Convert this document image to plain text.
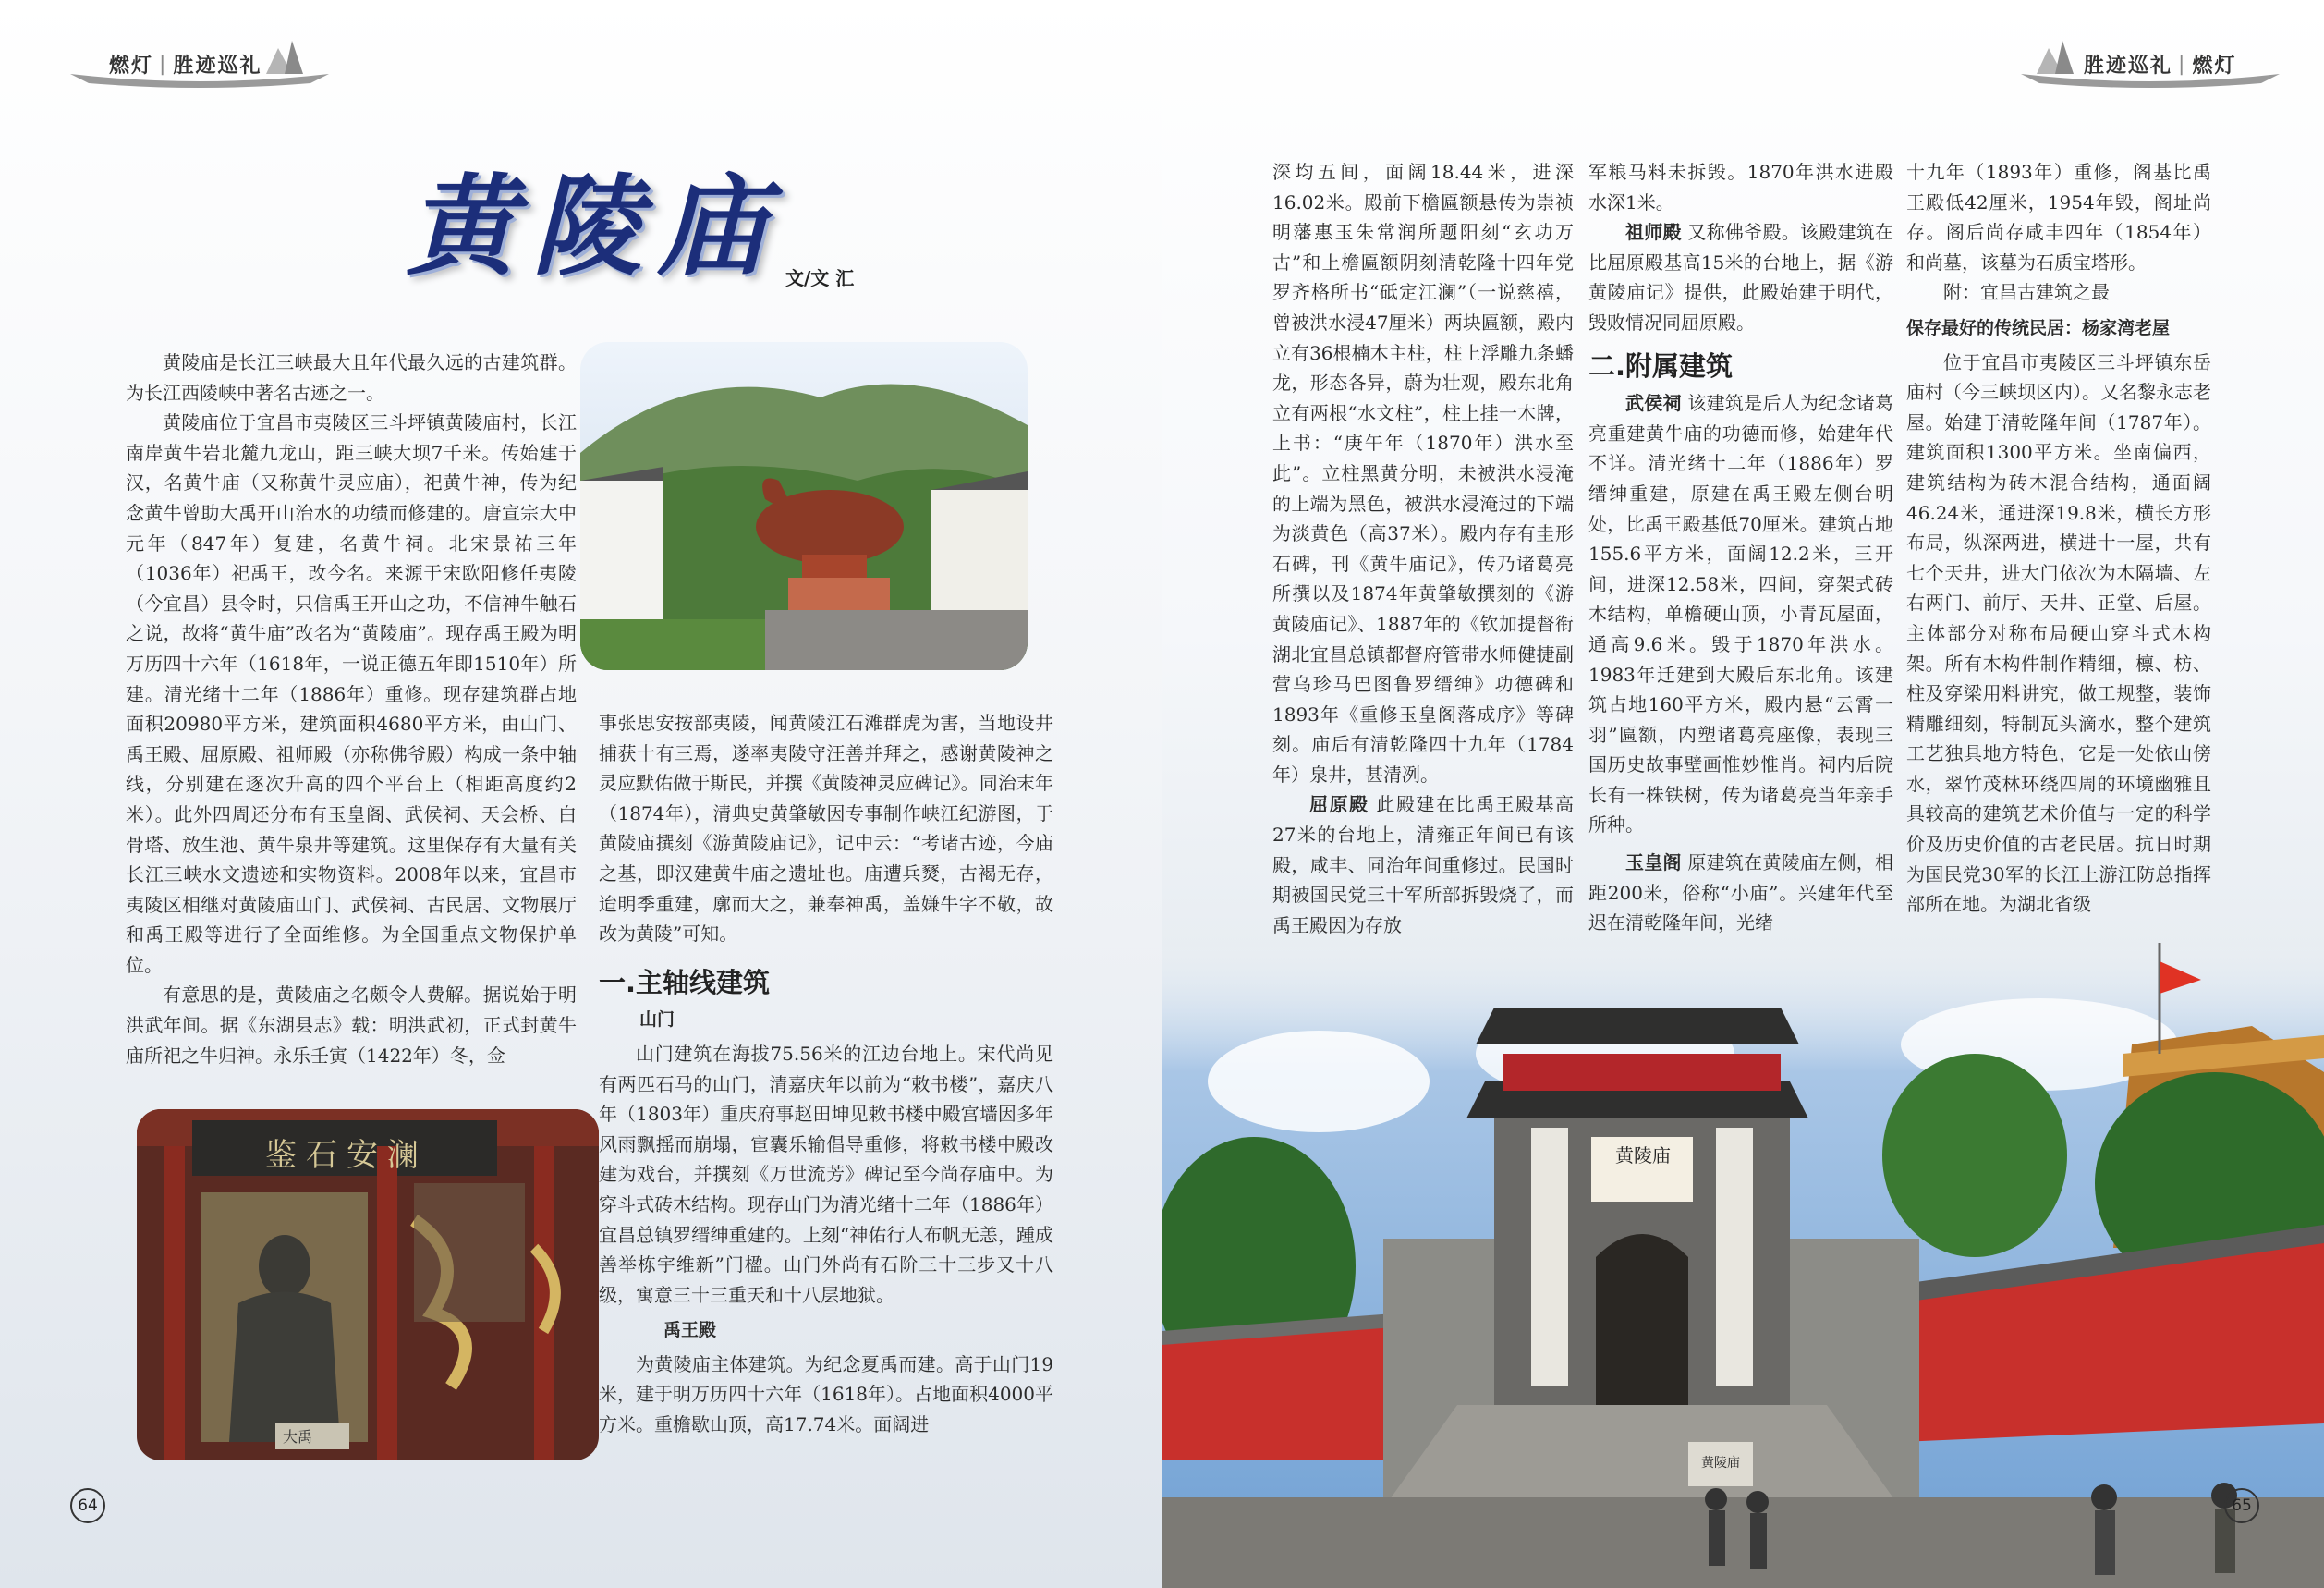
燃灯 | 胜迹巡礼
黄陵庙 文/文 汇

黄陵庙是长江三峡最大且年代最久远的古建筑群。为长江西陵峡中著名古迹之一。

黄陵庙位于宜昌市夷陵区三斗坪镇黄陵庙村，长江南岸黄牛岩北麓九龙山，距三峡大坝7千米。传始建于汉，名黄牛庙（又称黄牛灵应庙），祀黄牛神，传为纪念黄牛曾助大禹开山治水的功绩而修建的。唐宣宗大中元年（847年）复建，名黄牛祠。北宋景祐三年（1036年）祀禹王，改今名。来源于宋欧阳修任夷陵（今宜昌）县令时，只信禹王开山之功，不信神牛触石之说，故将“黄牛庙”改名为“黄陵庙”。现存禹王殿为明万历四十六年（1618年，一说正德五年即1510年）所建。清光绪十二年（1886年）重修。现存建筑群占地面积20980平方米，建筑面积4680平方米，由山门、禹王殿、屈原殿、祖师殿（亦称佛爷殿）构成一条中轴线，分别建在逐次升高的四个平台上（相距高度约2米）。此外四周还分布有玉皇阁、武侯祠、天会桥、白骨塔、放生池、黄牛泉井等建筑。这里保存有大量有关长江三峡水文遗迹和实物资料。2008年以来，宜昌市夷陵区相继对黄陵庙山门、武侯祠、古民居、文物展厅和禹王殿等进行了全面维修。为全国重点文物保护单位。

有意思的是，黄陵庙之名颇令人费解。据说始于明洪武年间。据《东湖县志》载：明洪武初，正式封黄牛庙所祀之牛归神。永乐壬寅（1422年）冬，佥

鉴石安澜
大禹

事张思安按部夷陵，闻黄陵江石滩群虎为害，当地设井捕获十有三焉，遂率夷陵守汪善并拜之，感谢黄陵神之灵应默佑做于斯民，并撰《黄陵神灵应碑记》。同治末年（1874年），清典史黄肇敏因专事制作峡江纪游图，于黄陵庙撰刻《游黄陵庙记》，记中云：“考诸古迹，今庙之基，即汉建黄牛庙之遗址也。庙遭兵燹，古褐无存，迨明季重建，廓而大之，兼奉神禹，盖嫌牛字不敬，故改为黄陵”可知。

一.主轴线建筑
山门

山门建筑在海拔75.56米的江边台地上。宋代尚见有两匹石马的山门，清嘉庆年以前为“敕书楼”，嘉庆八年（1803年）重庆府事赵田坤见敕书楼中殿宫墙因多年风雨飘摇而崩塌，宦囊乐输倡导重修，将敕书楼中殿改建为戏台，并撰刻《万世流芳》碑记至今尚存庙中。为穿斗式砖木结构。现存山门为清光绪十二年（1886年）宜昌总镇罗缙绅重建的。上刻“神佑行人布帆无恙，踵成善举栋宇维新”门楹。山门外尚有石阶三十三步又十八级，寓意三十三重天和十八层地狱。

禹王殿

为黄陵庙主体建筑。为纪念夏禹而建。高于山门19米，建于明万历四十六年（1618年）。占地面积4000平方米。重檐歇山顶，高17.74米。面阔进

64
胜迹巡礼 | 燃灯
黄陵庙
黄陵庙

深均五间，面阔18.44米，进深16.02米。殿前下檐匾额悬传为崇祯明藩惠玉朱常润所题阳刻“玄功万古”和上檐匾额阴刻清乾隆十四年党罗齐格所书“砥定江澜”（一说慈禧，曾被洪水浸47厘米）两块匾额，殿内立有36根楠木主柱，柱上浮雕九条蟠龙，形态各异，蔚为壮观，殿东北角立有两根“水文柱”，柱上挂一木牌，上书：“庚午年（1870年）洪水至此”。立柱黑黄分明，未被洪水浸淹的上端为黑色，被洪水浸淹过的下端为淡黄色（高37米）。殿内存有圭形石碑，刊《黄牛庙记》，传乃诸葛亮所撰以及1874年黄肇敏撰刻的《游黄陵庙记》、1887年的《钦加提督衔湖北宜昌总镇都督府管带水师健捷副营乌珍马巴图鲁罗缙绅》功德碑和1893年《重修玉皇阁落成序》等碑刻。庙后有清乾隆四十九年（1784年）泉井，甚清冽。

屈原殿 此殿建在比禹王殿基高27米的台地上，清雍正年间已有该殿，咸丰、同治年间重修过。民国时期被国民党三十军所部拆毁烧了，而禹王殿因为存放

军粮马料未拆毁。1870年洪水进殿水深1米。

祖师殿 又称佛爷殿。该殿建筑在比屈原殿基高15米的台地上，据《游黄陵庙记》提供，此殿始建于明代，毁败情况同屈原殿。

二.附属建筑

武侯祠 该建筑是后人为纪念诸葛亮重建黄牛庙的功德而修，始建年代不详。清光绪十二年（1886年）罗缙绅重建，原建在禹王殿左侧台明处，比禹王殿基低70厘米。建筑占地155.6平方米，面阔12.2米，三开间，进深12.58米，四间，穿架式砖木结构，单檐硬山顶，小青瓦屋面，通高9.6米。毁于1870年洪水。1983年迁建到大殿后东北角。该建筑占地160平方米，殿内悬“云霄一羽”匾额，内塑诸葛亮座像，表现三国历史故事壁画惟妙惟肖。祠内后院长有一株铁树，传为诸葛亮当年亲手所种。

玉皇阁 原建筑在黄陵庙左侧，相距200米，俗称“小庙”。兴建年代至迟在清乾隆年间，光绪

十九年（1893年）重修，阁基比禹王殿低42厘米，1954年毁，阁址尚存。阁后尚存咸丰四年（1854年）和尚墓，该墓为石质宝塔形。

附：宜昌古建筑之最

保存最好的传统民居：杨家湾老屋

位于宜昌市夷陵区三斗坪镇东岳庙村（今三峡坝区内）。又名黎永志老屋。始建于清乾隆年间（1787年）。建筑面积1300平方米。坐南偏西，建筑结构为砖木混合结构，通面阔46.24米，通进深19.8米，横长方形布局，纵深两进，横进十一屋，共有七个天井，进大门依次为木隔墙、左右两门、前厅、天井、正堂、后屋。主体部分对称布局硬山穿斗式木构架。所有木构件制作精细，檩、枋、柱及穿梁用料讲究，做工规整，装饰精雕细刻，特制瓦头滴水，整个建筑工艺独具地方特色，它是一处依山傍水，翠竹茂林环绕四周的环境幽雅且具较高的建筑艺术价值与一定的科学价及历史价值的古老民居。抗日时期为国民党30军的长江上游江防总指挥部所在地。为湖北省级

65
